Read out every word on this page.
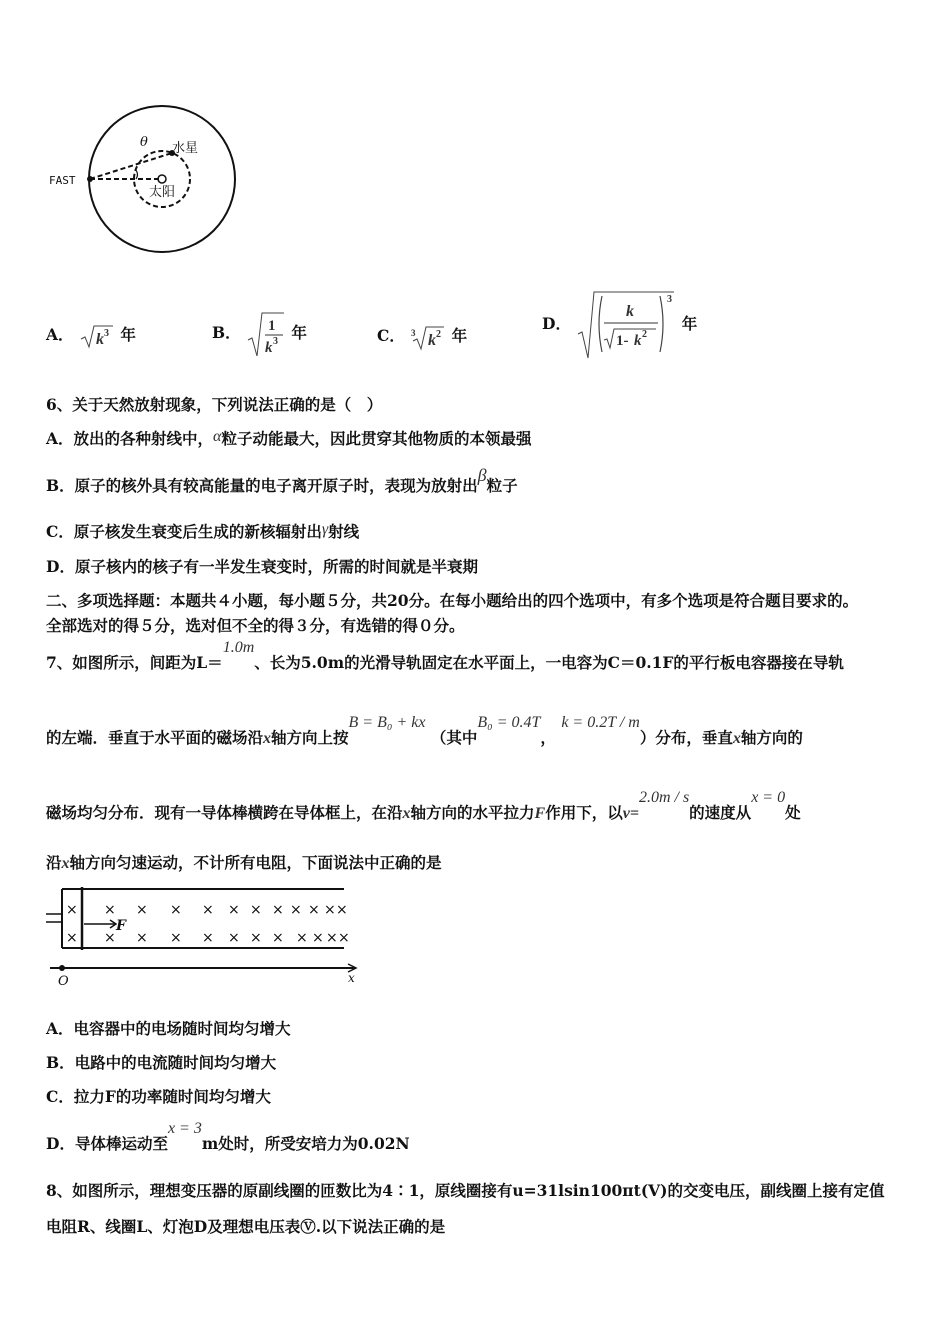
FAST
θ 水星
太阳
A． k 3 年	B． 1
k 3 年	C． 3 k 2 年
D．
3
k
1- k 2
年
6、关于天然放射现象，下列说法正确的是（　）
A．放出的各种射线中，α粒子动能最大，因此贯穿其他物质的本领最强
B．原子的核外具有较高能量的电子离开原子时，表现为放射出β粒子
C．原子核发生衰变后生成的新核辐射出γ射线
D．原子核内的核子有一半发生衰变时，所需的时间就是半衰期
二、多项选择题：本题共４小题，每小题５分，共20分。在每小题给出的四个选项中，有多个选项是符合题目要求的。
全部选对的得５分，选对但不全的得３分，有选错的得０分。
7、如图所示，间距为L＝1.0m、长为5.0m的光滑导轨固定在水平面上，一电容为C＝0.1F的平行板电容器接在导轨
的左端．垂直于水平面的磁场沿x轴方向上按B = B₀ + kx （其中B₀ = 0.4T， k = 0.2T / m）分布，垂直x轴方向的
磁场均匀分布．现有一导体棒横跨在导体框上，在沿x轴方向的水平拉力F作用下，以v=2.0m / s的速度从x = 0处
沿x轴方向匀速运动，不计所有电阻，下面说法中正确的是
F
×
×
× × × × × × × × × × ×
× × × × × × × × × × ×
O	x
A．电容器中的电场随时间均匀增大
B．电路中的电流随时间均匀增大
C．拉力F的功率随时间均匀增大
D．导体棒运动至x = 3m处时，所受安培力为0.02N
8、如图所示，理想变压器的原副线圈的匝数比为4∶1，原线圈接有u=31lsin100πt(V)的交变电压，副线圈上接有定值
电阻R、线圈L、灯泡D及理想电压表Ⓥ.以下说法正确的是
